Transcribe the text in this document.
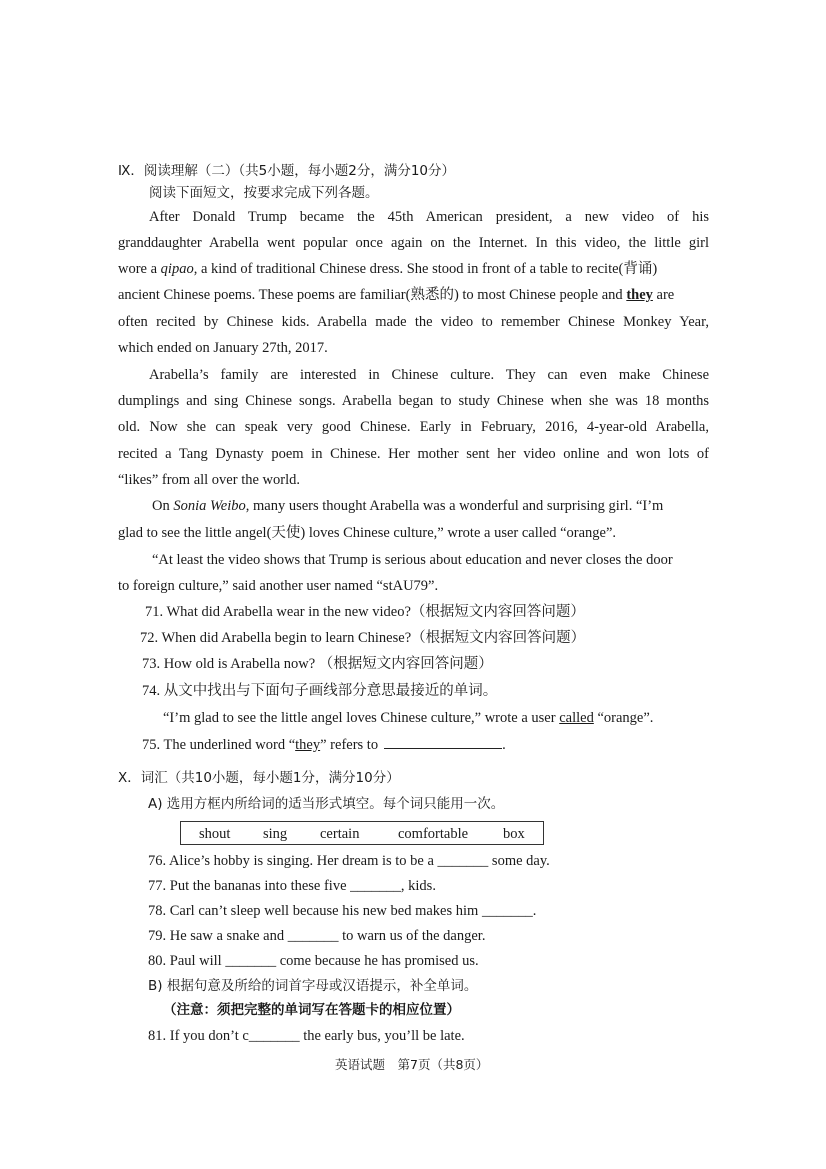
Ⅸ．阅读理解（二）（共5小题，每小题2分，满分10分）
阅读下面短文，按要求完成下列各题。
After Donald Trump became the 45th American president, a new video of his
granddaughter Arabella went popular once again on the Internet. In this video, the little girl
wore a qipao, a kind of traditional Chinese dress. She stood in front of a table to recite(背诵)
ancient Chinese poems. These poems are familiar(熟悉的) to most Chinese people and they are
often recited by Chinese kids. Arabella made the video to remember Chinese Monkey Year,
which ended on January 27th, 2017.
Arabella’s family are interested in Chinese culture. They can even make Chinese
dumplings and sing Chinese songs. Arabella began to study Chinese when she was 18 months
old. Now she can speak very good Chinese. Early in February, 2016, 4-year-old Arabella,
recited a Tang Dynasty poem in Chinese. Her mother sent her video online and won lots of
“likes” from all over the world.
On Sonia Weibo, many users thought Arabella was a wonderful and surprising girl. “I’m
glad to see the little angel(天使) loves Chinese culture,” wrote a user called “orange”.
“At least the video shows that Trump is serious about education and never closes the door
to foreign culture,” said another user named “stAU79”.
71. What did Arabella wear in the new video?（根据短文内容回答问题）
72. When did Arabella begin to learn Chinese?（根据短文内容回答问题）
73. How old is Arabella now? （根据短文内容回答问题）
74. 从文中找出与下面句子画线部分意思最接近的单词。
“I’m glad to see the little angel loves Chinese culture,” wrote a user called “orange”.
75. The underlined word “they” refers to	.
Ⅹ．词汇（共10小题，每小题1分，满分10分）
A) 选用方框内所给词的适当形式填空。每个词只能用一次。
shout sing certain	comfortable box
76. Alice’s hobby is singing. Her dream is to be a _______ some day.
77. Put the bananas into these five _______, kids.
78. Carl can’t sleep well because his new bed makes him _______.
79. He saw a snake and _______ to warn us of the danger.
80. Paul will _______ come because he has promised us.
B) 根据句意及所给的词首字母或汉语提示，补全单词。
（注意：须把完整的单词写在答题卡的相应位置）
81. If you don’t c_______ the early bus, you’ll be late.
英语试题　第7页（共8页）
